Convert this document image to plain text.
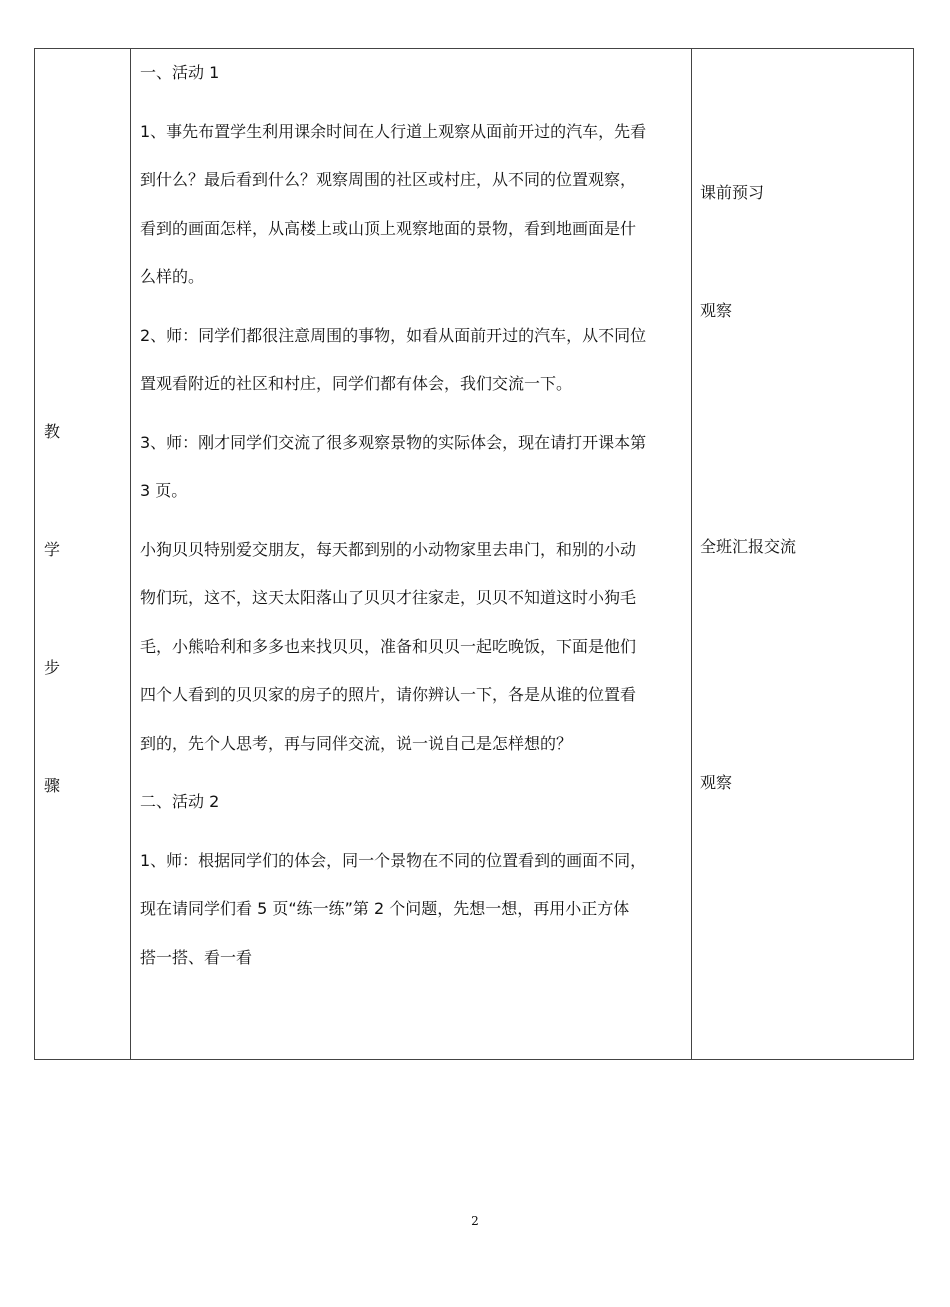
教
学
步
骤

一、活动 1

1、事先布置学生利用课余时间在人行道上观察从面前开过的汽车，先看

到什么？最后看到什么？观察周围的社区或村庄，从不同的位置观察，

看到的画面怎样，从高楼上或山顶上观察地面的景物，看到地画面是什

么样的。

2、师：同学们都很注意周围的事物，如看从面前开过的汽车，从不同位

置观看附近的社区和村庄，同学们都有体会，我们交流一下。

3、师：刚才同学们交流了很多观察景物的实际体会，现在请打开课本第

3 页。

小狗贝贝特别爱交朋友，每天都到别的小动物家里去串门，和别的小动

物们玩，这不，这天太阳落山了贝贝才往家走，贝贝不知道这时小狗毛

毛，小熊哈利和多多也来找贝贝，准备和贝贝一起吃晚饭，下面是他们

四个人看到的贝贝家的房子的照片，请你辨认一下，各是从谁的位置看

到的，先个人思考，再与同伴交流，说一说自己是怎样想的？

二、活动 2

1、师：根据同学们的体会，同一个景物在不同的位置看到的画面不同，

现在请同学们看 5 页“练一练”第 2 个问题，先想一想，再用小正方体

搭一搭、看一看

课前预习
观察
全班汇报交流
观察
2
